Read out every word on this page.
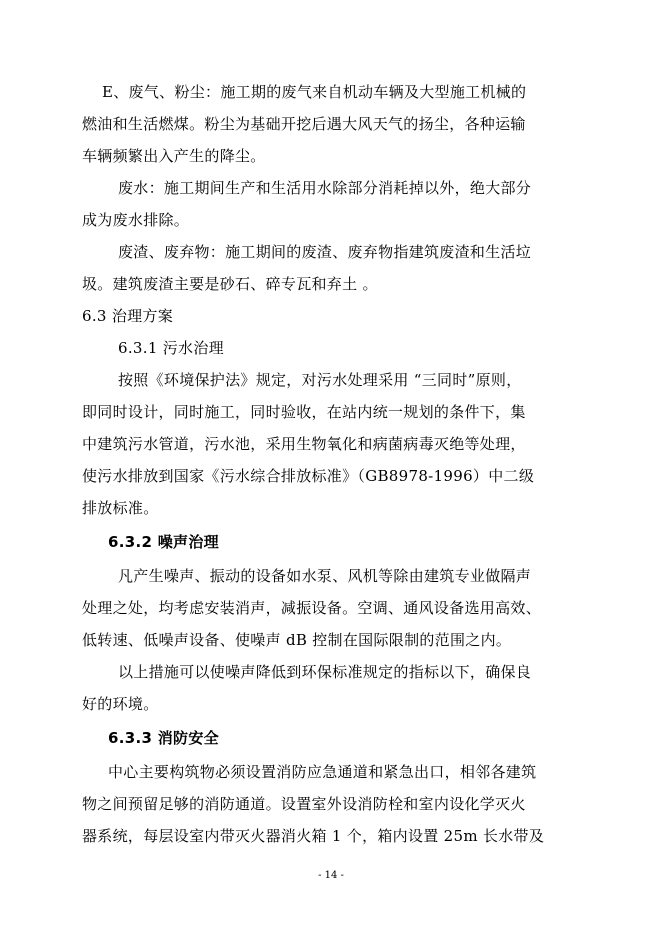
E、废气、粉尘：施工期的废气来自机动车辆及大型施工机械的
燃油和生活燃煤。粉尘为基础开挖后遇大风天气的扬尘，各种运输
车辆频繁出入产生的降尘。
废水：施工期间生产和生活用水除部分消耗掉以外，绝大部分
成为废水排除。
废渣、废弃物：施工期间的废渣、废弃物指建筑废渣和生活垃
圾。建筑废渣主要是砂石、碎专瓦和弃土 。
6.3 治理方案
6.3.1 污水治理
按照《环境保护法》规定，对污水处理采用 “三同时”原则，
即同时设计，同时施工，同时验收，在站内统一规划的条件下，集
中建筑污水管道，污水池，采用生物氧化和病菌病毒灭绝等处理，
使污水排放到国家《污水综合排放标准》（GB8978-1996）中二级
排放标准。
6.3.2 噪声治理
凡产生噪声、振动的设备如水泵、风机等除由建筑专业做隔声
处理之处，均考虑安装消声，减振设备。空调、通风设备选用高效、
低转速、低噪声设备、使噪声 dB 控制在国际限制的范围之内。
以上措施可以使噪声降低到环保标准规定的指标以下，确保良
好的环境。
6.3.3 消防安全
中心主要构筑物必须设置消防应急通道和紧急出口，相邻各建筑
物之间预留足够的消防通道。设置室外设消防栓和室内设化学灭火
器系统，每层设室内带灭火器消火箱 1 个，箱内设置 25m 长水带及
- 14 -
